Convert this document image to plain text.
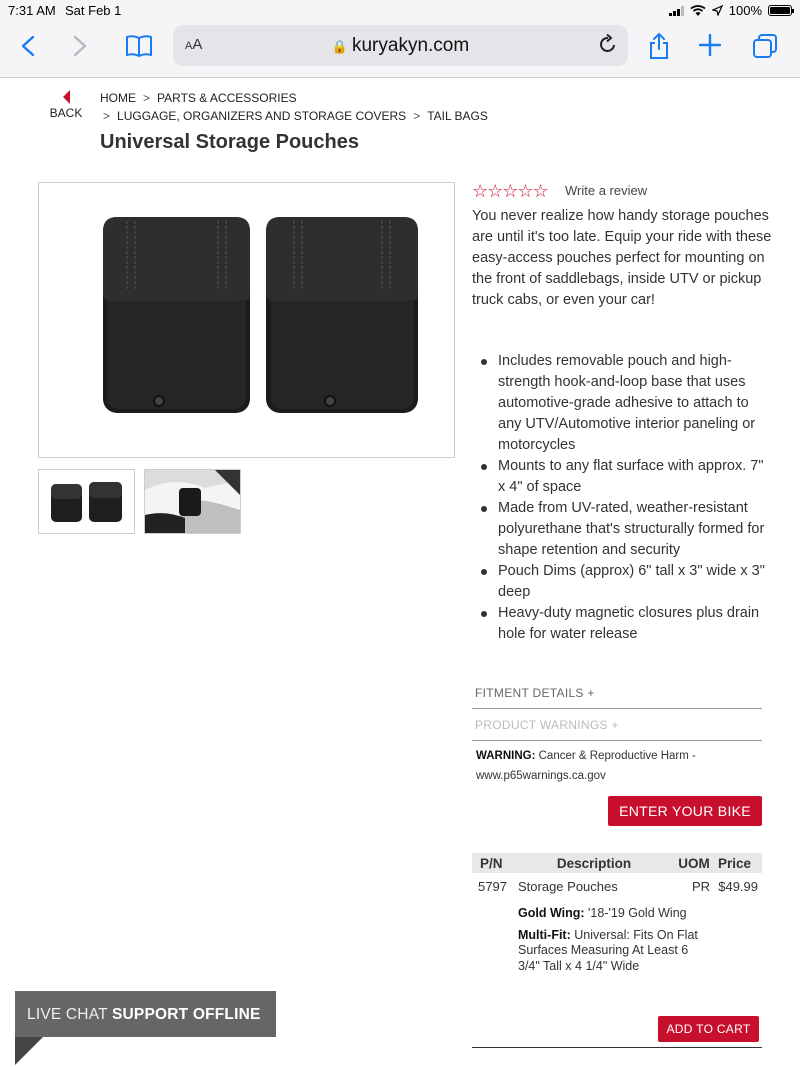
7:31 AM Sat Feb 1	100%
AA	🔒 kuryakyn.com
BACK
HOME > PARTS & ACCESSORIES
> LUGGAGE, ORGANIZERS AND STORAGE COVERS > TAIL BAGS
Universal Storage Pouches
☆☆☆☆☆ Write a review

You never realize how handy storage pouches are until it's too late. Equip your ride with these easy-access pouches perfect for mounting on the front of saddlebags, inside UTV or pickup truck cabs, or even your car!

Includes removable pouch and high-strength hook-and-loop base that uses automotive-grade adhesive to attach to any UTV/Automotive interior paneling or motorcycles
Mounts to any flat surface with approx. 7" x 4" of space
Made from UV-rated, weather-resistant polyurethane that's structurally formed for shape retention and security
Pouch Dims (approx) 6" tall x 3" wide x 3" deep
Heavy-duty magnetic closures plus drain hole for water release
FITMENT DETAILS +
PRODUCT WARNINGS +
WARNING: Cancer & Reproductive Harm - www.p65warnings.ca.gov
ENTER YOUR BIKE
P/N	Description	UOM	Price
5797	Storage Pouches	PR	$49.99

	Gold Wing: '18-'19 Gold Wing
Multi-Fit: Universal: Fits On Flat Surfaces Measuring At Least 6 3/4" Tall x 4 1/4" Wide		

ADD TO CART
LIVE CHAT SUPPORT OFFLINE
